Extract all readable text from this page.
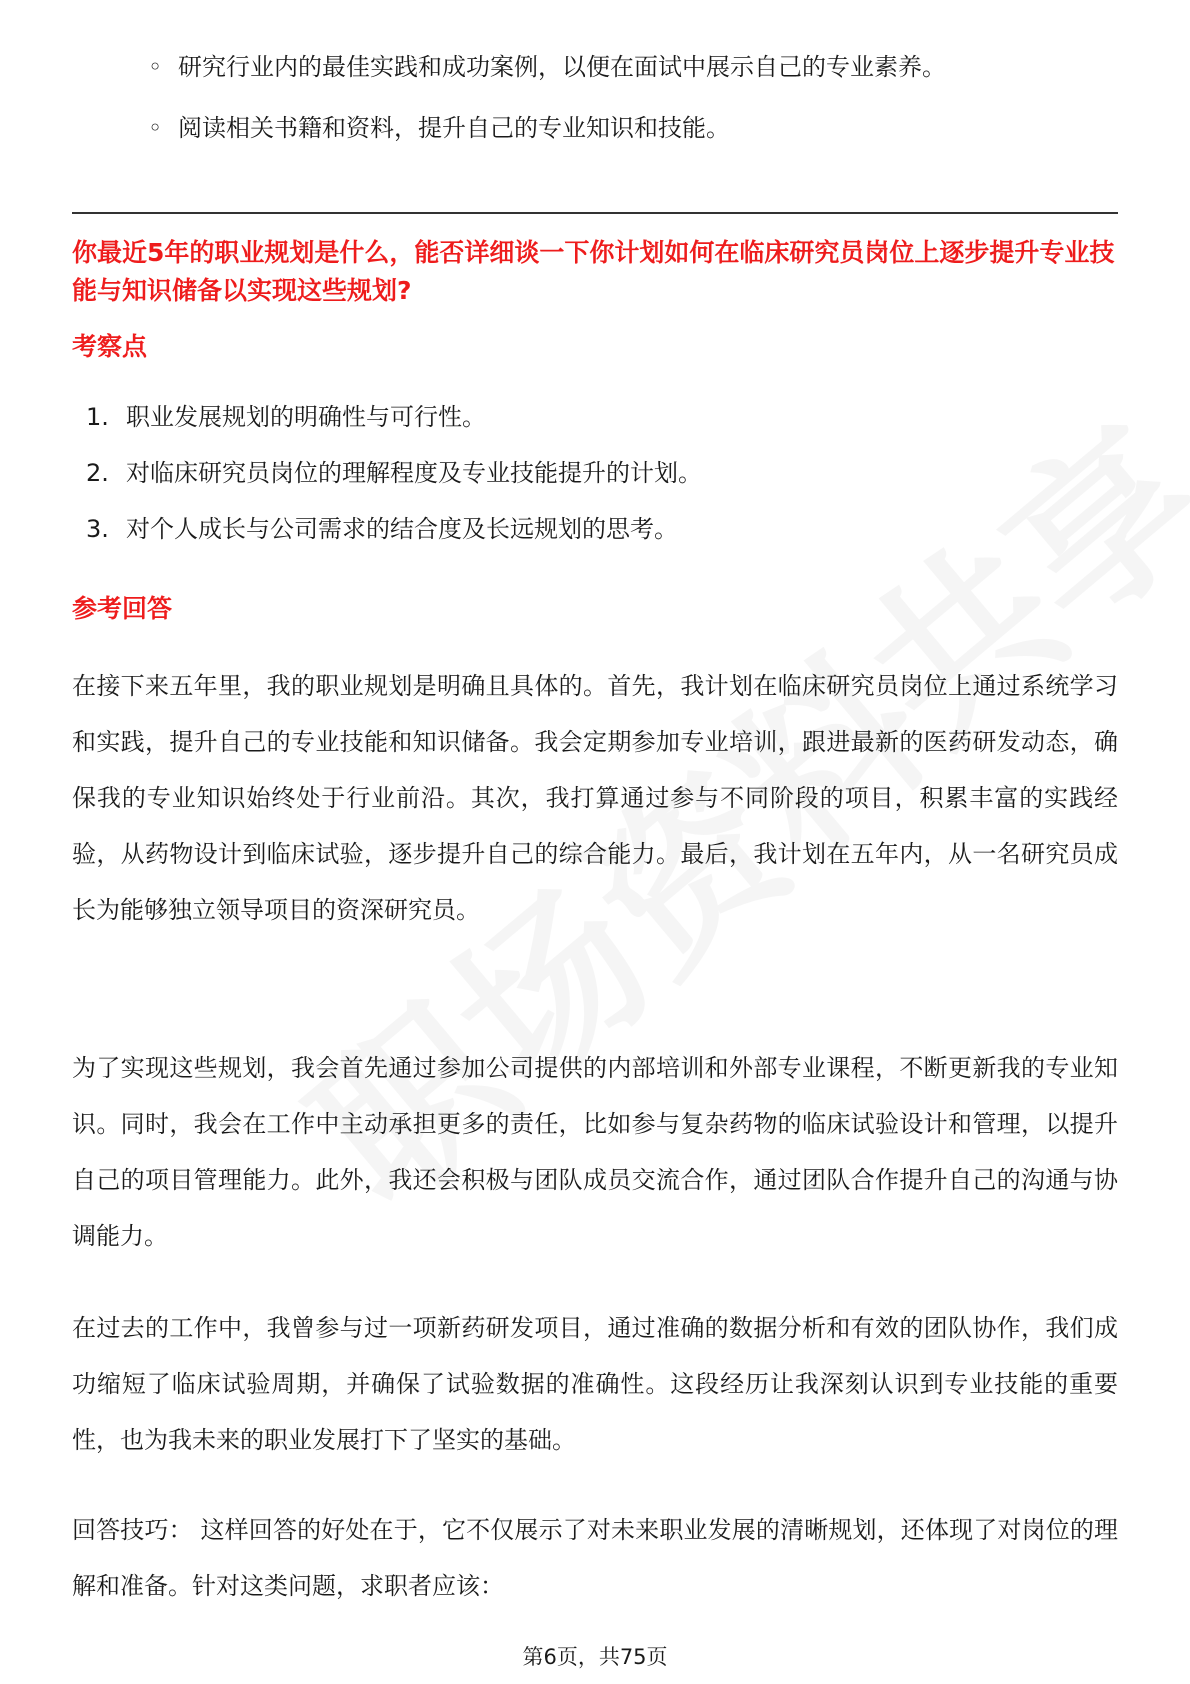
◦ 研究行业内的最佳实践和成功案例，以便在面试中展示自己的专业素养。
◦ 阅读相关书籍和资料，提升自己的专业知识和技能。
你最近5年的职业规划是什么，能否详细谈一下你计划如何在临床研究员岗位上逐步提升专业技能与知识储备以实现这些规划?
考察点
1. 职业发展规划的明确性与可行性。
2. 对临床研究员岗位的理解程度及专业技能提升的计划。
3. 对个人成长与公司需求的结合度及长远规划的思考。
参考回答

在接下来五年里，我的职业规划是明确且具体的。首先，我计划在临床研究员岗位上通过系统学习和实践，提升自己的专业技能和知识储备。我会定期参加专业培训，跟进最新的医药研发动态，确保我的专业知识始终处于行业前沿。其次，我打算通过参与不同阶段的项目，积累丰富的实践经验，从药物设计到临床试验，逐步提升自己的综合能力。最后，我计划在五年内，从一名研究员成长为能够独立领导项目的资深研究员。

为了实现这些规划，我会首先通过参加公司提供的内部培训和外部专业课程，不断更新我的专业知识。同时，我会在工作中主动承担更多的责任，比如参与复杂药物的临床试验设计和管理，以提升自己的项目管理能力。此外，我还会积极与团队成员交流合作，通过团队合作提升自己的沟通与协调能力。

在过去的工作中，我曾参与过一项新药研发项目，通过准确的数据分析和有效的团队协作，我们成功缩短了临床试验周期，并确保了试验数据的准确性。这段经历让我深刻认识到专业技能的重要性，也为我未来的职业发展打下了坚实的基础。

回答技巧： 这样回答的好处在于，它不仅展示了对未来职业发展的清晰规划，还体现了对岗位的理解和准备。针对这类问题，求职者应该：

第6页，共75页
